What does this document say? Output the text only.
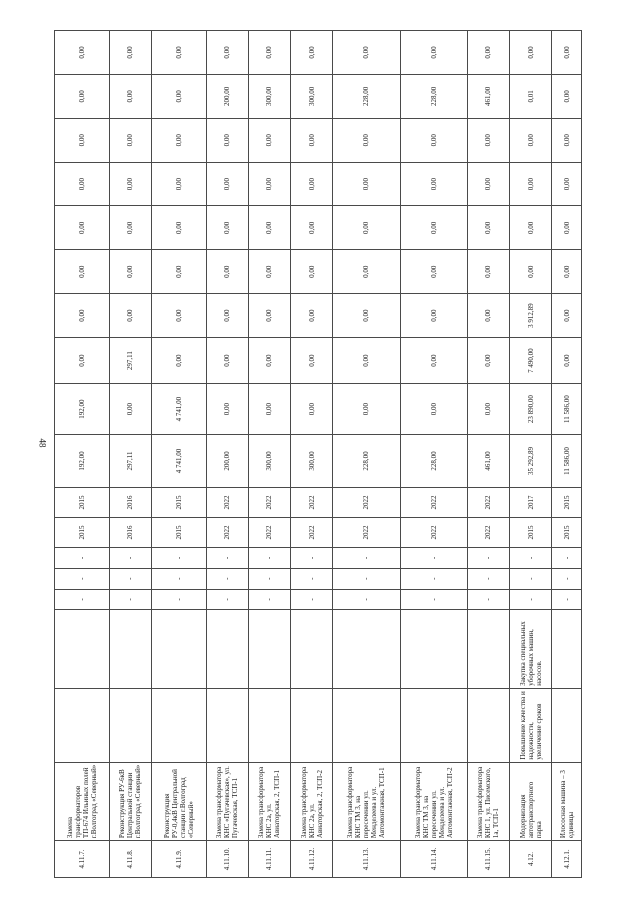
48
4.11.7.	Замена трансформаторов ТП-674 Ильиных полей г.Волгоград «Северный»			-	-	-	2015	2015	192,00	192,00	0,00	0,00	0,00	0,00	0,00	0,00	0,00	0,00
4.11.8.	Реконструкция РУ-6кВ Центральной станции г.Волгоград «Северный»			-	-	-	2016	2016	297,11	0,00	297,11	0,00	0,00	0,00	0,00	0,00	0,00	0,00
4.11.9.	Реконструкция РУ-0,4кВ Центральной станции г.Волгоград «Северный»			-	-	-	2015	2015	4 741,00	4 741,00	0,00	0,00	0,00	0,00	0,00	0,00	0,00	0,00
4.11.10.	Замена трансформатора КНС «Пугачевская», ул. Пугачевская, ТСП-1			-	-	-	2022	2022	200,00	0,00	0,00	0,00	0,00	0,00	0,00	0,00	200,00	0,00
4.11.11.	Замена трансформатора КНС 2а, ул. Авиаторская, 2, ТСП-1			-	-	-	2022	2022	300,00	0,00	0,00	0,00	0,00	0,00	0,00	0,00	300,00	0,00
4.11.12.	Замена трансформатора КНС 2а, ул. Авиаторская, 2, ТСП-2			-	-	-	2022	2022	300,00	0,00	0,00	0,00	0,00	0,00	0,00	0,00	300,00	0,00
4.11.13.	Замена трансформатора КНС ТМ 3, на пересечении ул. Менделеева и ул. Автомонтажная, ТСП-1			-	-	-	2022	2022	228,00	0,00	0,00	0,00	0,00	0,00	0,00	0,00	228,00	0,00
4.11.14.	Замена трансформатора КНС ТМ 3, на пересечении ул. Менделеева и ул. Автомонтажная, ТСП-2			-	-	-	2022	2022	228,00	0,00	0,00	0,00	0,00	0,00	0,00	0,00	228,00	0,00
4.11.15.	Замена трансформатора КНС 1, ул. Писемского, 1а, ТСП-1			-	-	-	2022	2022	461,00	0,00	0,00	0,00	0,00	0,00	0,00	0,00	461,00	0,00
4.12.	Модернизация автотранспортного парка	Повышение качества и надежности, увеличение сроков	Закупка специальных уборочных машин, насосов.	-	-	-	2015	2017	35 292,89	23 890,00	7 490,00	3 912,89	0,00	0,00	0,00	0,00	0,01	0,00
4.12.1.	Илососная машина – 3 единицы			-	-	-	2015	2015	11 586,00	11 586,00	0,00	0,00	0,00	0,00	0,00	0,00	0,00	0,00
